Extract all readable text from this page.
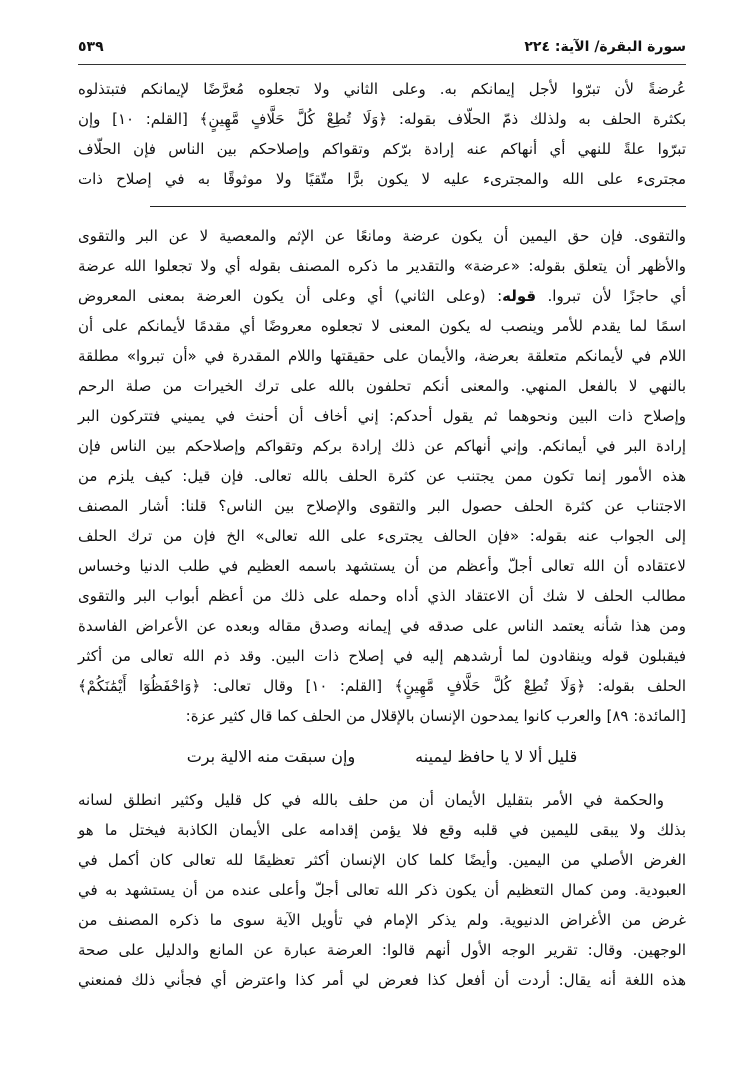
سورة البقرة/ الآية: ٢٢٤
٥٣٩
عُرضةً لأن تبرّوا لأجل إيمانكم به. وعلى الثاني ولا تجعلوه مُعرَّضًا لإيمانكم فتبتذلوه
بكثرة الحلف به ولذلك ذمّ الحلّاف بقوله: ﴿وَلَا تُطِعْ كُلَّ حَلَّافٍ مَّهِينٍ﴾ [القلم: ١٠] وإن
تبرّوا علةً للنهي أي أنهاكم عنه إرادة برّكم وتقواكم وإصلاحكم بين الناس فإن الحلّاف
مجترىء على الله والمجترىء عليه لا يكون برًّا متّقيًا ولا موثوقًا به في إصلاح ذات
والتقوى. فإن حق اليمين أن يكون عرضة ومانعًا عن الإثم والمعصية لا عن البر والتقوى
والأظهر أن يتعلق بقوله: «عرضة» والتقدير ما ذكره المصنف بقوله أي ولا تجعلوا الله عرضة
أي حاجزًا لأن تبروا. قوله: (وعلى الثاني) أي وعلى أن يكون العرضة بمعنى المعروض
اسمًا لما يقدم للأمر وينصب له يكون المعنى لا تجعلوه معروضًا أي مقدمًا لأيمانكم على أن
اللام في لأيمانكم متعلقة بعرضة، والأيمان على حقيقتها واللام المقدرة في «أن تبروا» مطلقة
بالنهي لا بالفعل المنهي. والمعنى أنكم تحلفون بالله على ترك الخيرات من صلة الرحم
وإصلاح ذات البين ونحوهما ثم يقول أحدكم: إني أخاف أن أحنث في يميني فتتركون البر
إرادة البر في أيمانكم. وإني أنهاكم عن ذلك إرادة بركم وتقواكم وإصلاحكم بين الناس فإن
هذه الأمور إنما تكون ممن يجتنب عن كثرة الحلف بالله تعالى. فإن قيل: كيف يلزم من
الاجتناب عن كثرة الحلف حصول البر والتقوى والإصلاح بين الناس؟ قلنا: أشار المصنف
إلى الجواب عنه بقوله: «فإن الحالف يجترىء على الله تعالى» الخ فإن من ترك الحلف
لاعتقاده أن الله تعالى أجلّ وأعظم من أن يستشهد باسمه العظيم في طلب الدنيا وخساس
مطالب الحلف لا شك أن الاعتقاد الذي أداه وحمله على ذلك من أعظم أبواب البر والتقوى
ومن هذا شأنه يعتمد الناس على صدقه في إيمانه وصدق مقاله وبعده عن الأعراض الفاسدة
فيقبلون قوله وينقادون لما أرشدهم إليه في إصلاح ذات البين. وقد ذم الله تعالى من أكثر
الحلف بقوله: ﴿وَلَا تُطِعْ كُلَّ حَلَّافٍ مَّهِينٍ﴾ [القلم: ١٠] وقال تعالى: ﴿وَاحْفَظُوٓا أَيْمَٰنَكُمْ﴾
[المائدة: ٨٩] والعرب كانوا يمدحون الإنسان بالإقلال من الحلف كما قال كثير عزة:
قليل ألا لا يا حافظ ليمينه
وإن سبقت منه الالية برت
والحكمة في الأمر بتقليل الأيمان أن من حلف بالله في كل قليل وكثير انطلق لسانه
بذلك ولا يبقى لليمين في قلبه وقع فلا يؤمن إقدامه على الأيمان الكاذبة فيختل ما هو
الغرض الأصلي من اليمين. وأيضًا كلما كان الإنسان أكثر تعظيمًا لله تعالى كان أكمل في
العبودية. ومن كمال التعظيم أن يكون ذكر الله تعالى أجلّ وأعلى عنده من أن يستشهد به في
غرض من الأغراض الدنيوية. ولم يذكر الإمام في تأويل الآية سوى ما ذكره المصنف من
الوجهين. وقال: تقرير الوجه الأول أنهم قالوا: العرضة عبارة عن المانع والدليل على صحة
هذه اللغة أنه يقال: أردت أن أفعل كذا فعرض لي أمر كذا واعترض أي فجأني ذلك فمنعني
